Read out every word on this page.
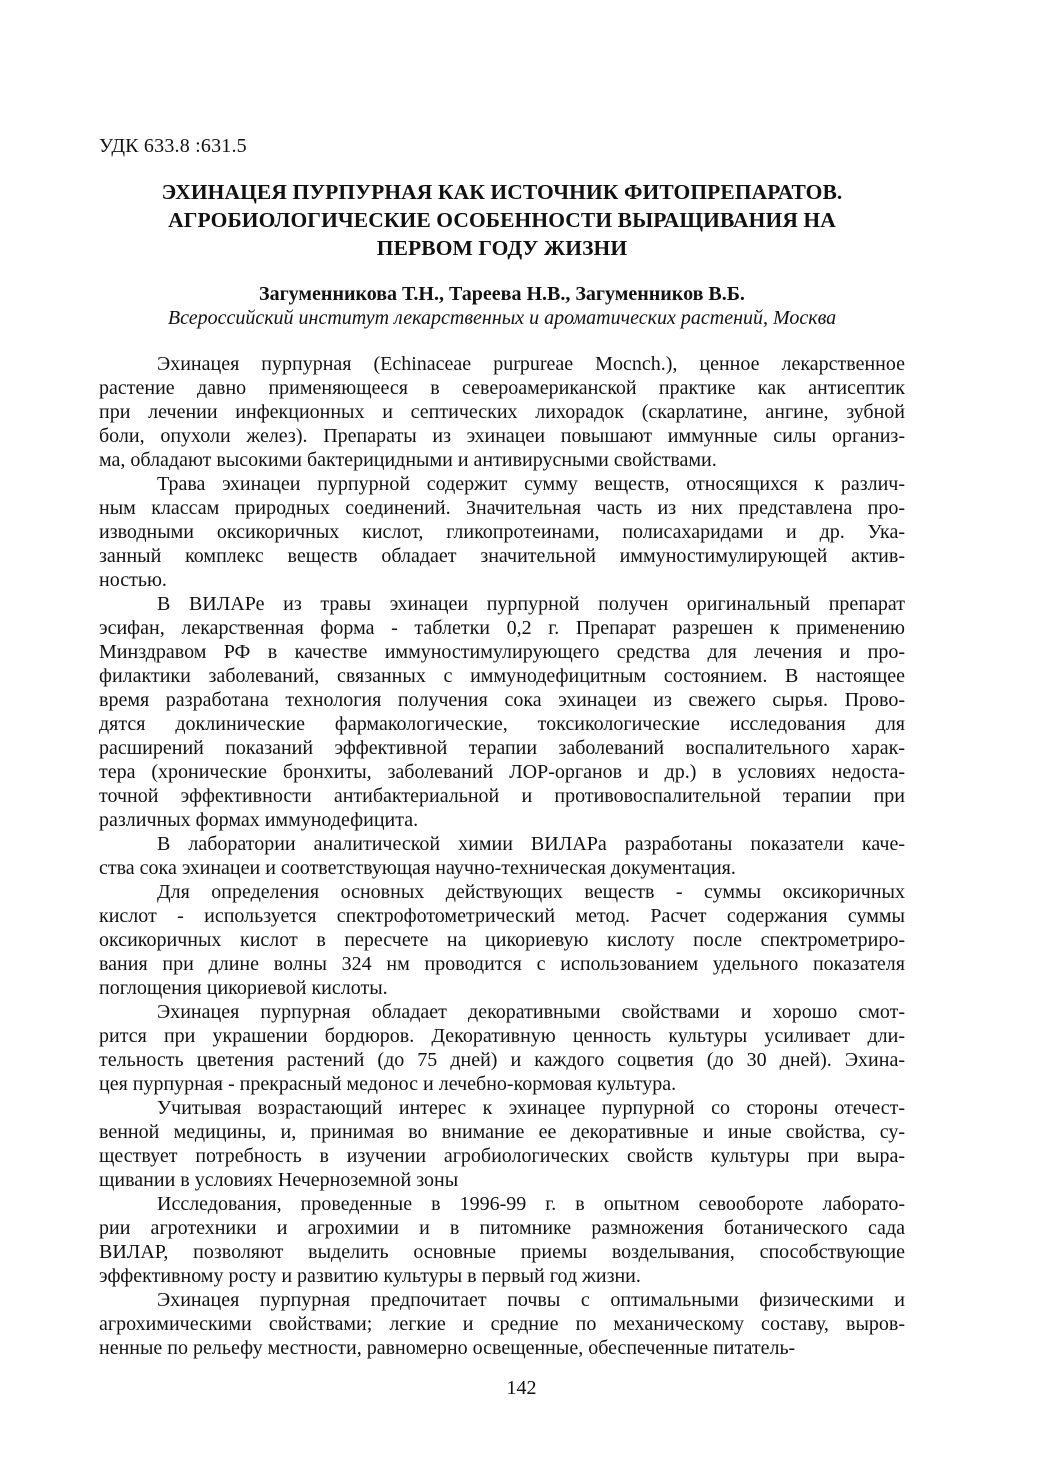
УДК 633.8 :631.5
ЭХИНАЦЕЯ ПУРПУРНАЯ КАК ИСТОЧНИК ФИТОПРЕПАРАТОВ.
АГРОБИОЛОГИЧЕСКИЕ ОСОБЕННОСТИ ВЫРАЩИВАНИЯ НА
ПЕРВОМ ГОДУ ЖИЗНИ
Загуменникова Т.Н., Тареева Н.В., Загуменников В.Б.
Всероссийский институт лекарственных и ароматических растений, Москва
Эхинацея пурпурная (Echinaceae purpureae Mocnch.), ценное лекарственное
растение давно применяющееся в североамериканской практике как антисептик
при лечении инфекционных и септических лихорадок (скарлатине, ангине, зубной
боли, опухоли желез). Препараты из эхинацеи повышают иммунные силы организ-
ма, обладают высокими бактерицидными и антивирусными свойствами.
Трава эхинацеи пурпурной содержит сумму веществ, относящихся к различ-
ным классам природных соединений. Значительная часть из них представлена про-
изводными оксикоричных кислот, гликопротеинами, полисахаридами и др. Ука-
занный комплекс веществ обладает значительной иммуностимулирующей актив-
ностью.
В ВИЛАРе из травы эхинацеи пурпурной получен оригинальный препарат
эсифан, лекарственная форма - таблетки 0,2 г. Препарат разрешен к применению
Минздравом РФ в качестве иммуностимулирующего средства для лечения и про-
филактики заболеваний, связанных с иммунодефицитным состоянием. В настоящее
время разработана технология получения сока эхинацеи из свежего сырья. Прово-
дятся доклинические фармакологические, токсикологические исследования для
расширений показаний эффективной терапии заболеваний воспалительного харак-
тера (хронические бронхиты, заболеваний ЛОР-органов и др.) в условиях недоста-
точной эффективности антибактериальной и противовоспалительной терапии при
различных формах иммунодефицита.
В лаборатории аналитической химии ВИЛАРа разработаны показатели каче-
ства сока эхинацеи и соответствующая научно-техническая документация.
Для определения основных действующих веществ - суммы оксикоричных
кислот - используется спектрофотометрический метод. Расчет содержания суммы
оксикоричных кислот в пересчете на цикориевую кислоту после спектрометриро-
вания при длине волны 324 нм проводится с использованием удельного показателя
поглощения цикориевой кислоты.
Эхинацея пурпурная обладает декоративными свойствами и хорошо смот-
рится при украшении бордюров. Декоративную ценность культуры усиливает дли-
тельность цветения растений (до 75 дней) и каждого соцветия (до 30 дней). Эхина-
цея пурпурная - прекрасный медонос и лечебно-кормовая культура.
Учитывая возрастающий интерес к эхинацее пурпурной со стороны отечест-
венной медицины, и, принимая во внимание ее декоративные и иные свойства, су-
ществует потребность в изучении агробиологических свойств культуры при выра-
щивании в условиях Нечерноземной зоны
Исследования, проведенные в 1996-99 г. в опытном севообороте лаборато-
рии агротехники и агрохимии и в питомнике размножения ботанического сада
ВИЛАР, позволяют выделить основные приемы возделывания, способствующие
эффективному росту и развитию культуры в первый год жизни.
Эхинацея пурпурная предпочитает почвы с оптимальными физическими и
агрохимическими свойствами; легкие и средние по механическому составу, выров-
ненные по рельефу местности, равномерно освещенные, обеспеченные питатель-
142
